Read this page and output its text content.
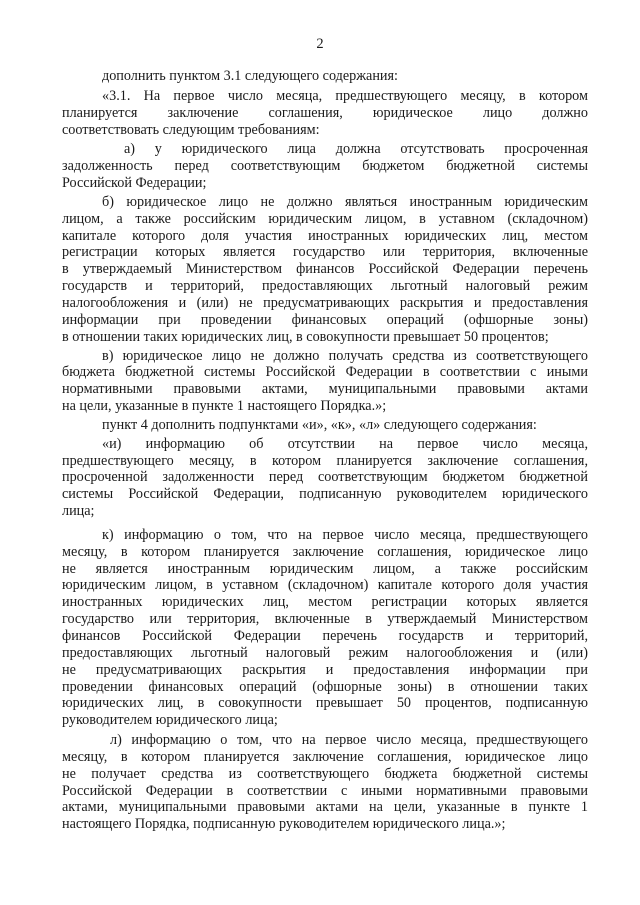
2
дополнить пунктом 3.1 следующего содержания:
«3.1. На первое число месяца, предшествующего месяцу, в котором
планируется заключение соглашения, юридическое лицо должно
соответствовать следующим требованиям:
а) у юридического лица должна отсутствовать просроченная
задолженность перед соответствующим бюджетом бюджетной системы
Российской Федерации;
б) юридическое лицо не должно являться иностранным юридическим
лицом, а также российским юридическим лицом, в уставном (складочном)
капитале которого доля участия иностранных юридических лиц, местом
регистрации которых является государство или территория, включенные
в утверждаемый Министерством финансов Российской Федерации перечень
государств и территорий, предоставляющих льготный налоговый режим
налогообложения и (или) не предусматривающих раскрытия и предоставления
информации при проведении финансовых операций (офшорные зоны)
в отношении таких юридических лиц, в совокупности превышает 50 процентов;
в) юридическое лицо не должно получать средства из соответствующего
бюджета бюджетной системы Российской Федерации в соответствии с иными
нормативными правовыми актами, муниципальными правовыми актами
на цели, указанные в пункте 1 настоящего Порядка.»;
пункт 4 дополнить подпунктами «и», «к», «л» следующего содержания:
«и) информацию об отсутствии на первое число месяца,
предшествующего месяцу, в котором планируется заключение соглашения,
просроченной задолженности перед соответствующим бюджетом бюджетной
системы Российской Федерации, подписанную руководителем юридического
лица;
к) информацию о том, что на первое число месяца, предшествующего
месяцу, в котором планируется заключение соглашения, юридическое лицо
не является иностранным юридическим лицом, а также российским
юридическим лицом, в уставном (складочном) капитале которого доля участия
иностранных юридических лиц, местом регистрации которых является
государство или территория, включенные в утверждаемый Министерством
финансов Российской Федерации перечень государств и территорий,
предоставляющих льготный налоговый режим налогообложения и (или)
не предусматривающих раскрытия и предоставления информации при
проведении финансовых операций (офшорные зоны) в отношении таких
юридических лиц, в совокупности превышает 50 процентов, подписанную
руководителем юридического лица;
л) информацию о том, что на первое число месяца, предшествующего
месяцу, в котором планируется заключение соглашения, юридическое лицо
не получает средства из соответствующего бюджета бюджетной системы
Российской Федерации в соответствии с иными нормативными правовыми
актами, муниципальными правовыми актами на цели, указанные в пункте 1
настоящего Порядка, подписанную руководителем юридического лица.»;
